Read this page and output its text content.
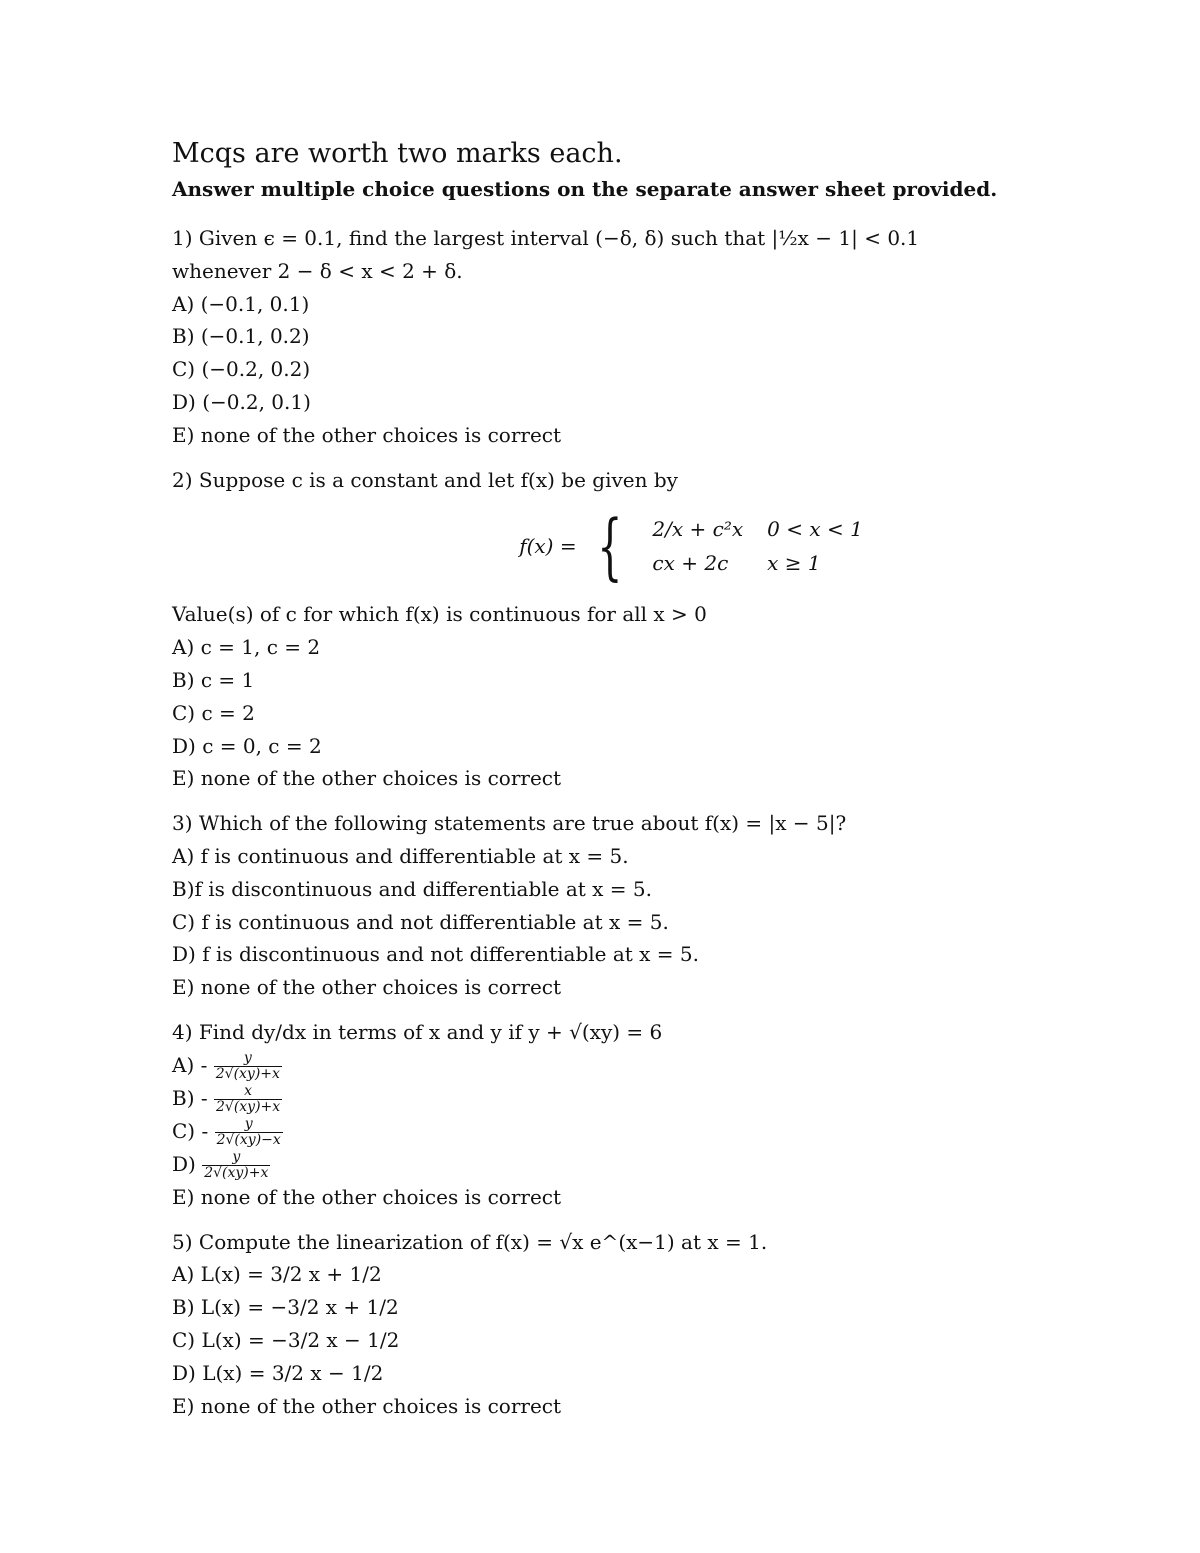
Mcqs are worth two marks each.
Answer multiple choice questions on the separate answer sheet provided.
1) Given ϵ = 0.1, find the largest interval (−δ, δ) such that |½x − 1| < 0.1
whenever 2 − δ < x < 2 + δ.
A) (−0.1, 0.1)
B) (−0.1, 0.2)
C) (−0.2, 0.2)
D) (−0.2, 0.1)
E) none of the other choices is correct
2) Suppose c is a constant and let f(x) be given by
f(x) = { 2/x + c²x	0 < x < 1
cx + 2c	x ≥ 1
Value(s) of c for which f(x) is continuous for all x > 0
A) c = 1, c = 2
B) c = 1
C) c = 2
D) c = 0, c = 2
E) none of the other choices is correct
3) Which of the following statements are true about f(x) = |x − 5|?
A) f is continuous and differentiable at x = 5.
B)f is discontinuous and differentiable at x = 5.
C) f is continuous and not differentiable at x = 5.
D) f is discontinuous and not differentiable at x = 5.
E) none of the other choices is correct
4) Find dy/dx in terms of x and y if y + √(xy) = 6
$A) - \frac{y}{2√(xy)+x}$
$B) - \frac{x}{2√(xy)+x}$
$C) - \frac{y}{2√(xy)-x}$
$D) \frac{y}{2√(xy)+x}$
E) none of the other choices is correct
5) Compute the linearization of f(x) = √x e^(x−1) at x = 1.
A) L(x) = 3/2 x + 1/2
B) L(x) = −3/2 x + 1/2
C) L(x) = −3/2 x − 1/2
D) L(x) = 3/2 x − 1/2
E) none of the other choices is correct
